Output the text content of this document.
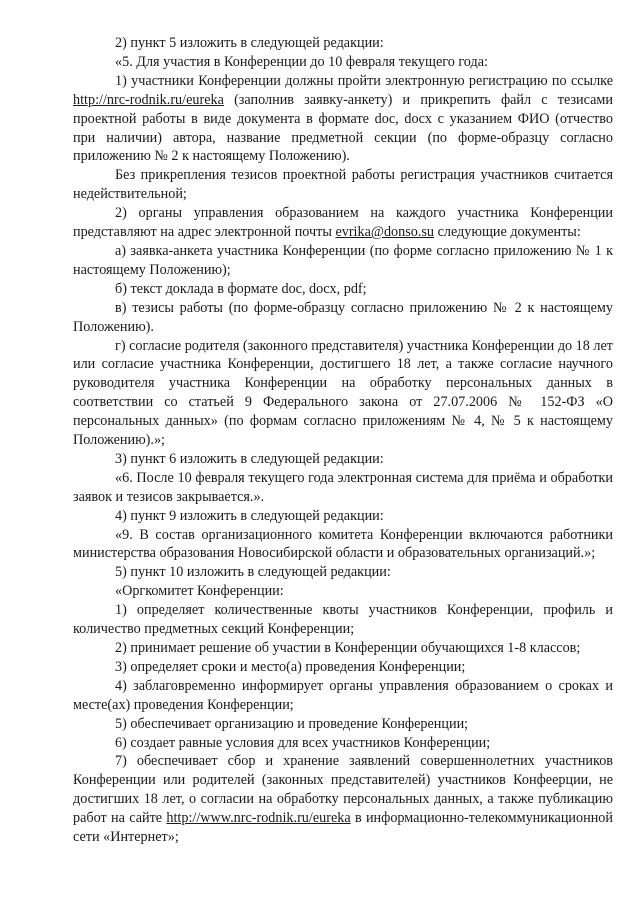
2) пункт 5 изложить в следующей редакции:

«5. Для участия в Конференции до 10 февраля текущего года:

1) участники Конференции должны пройти электронную регистрацию по ссылке http://nrc-rodnik.ru/eureka (заполнив заявку-анкету) и прикрепить файл с тезисами проектной работы в виде документа в формате doc, docx с указанием ФИО (отчество при наличии) автора, название предметной секции (по форме-образцу согласно приложению № 2 к настоящему Положению).

Без прикрепления тезисов проектной работы регистрация участников считается недействительной;

2) органы управления образованием на каждого участника Конференции представляют на адрес электронной почты evrika@donso.su следующие документы:

а) заявка-анкета участника Конференции (по форме согласно приложению № 1 к настоящему Положению);

б) текст доклада в формате doc, docx, pdf;

в) тезисы работы (по форме-образцу согласно приложению № 2 к настоящему Положению).

г) согласие родителя (законного представителя) участника Конференции до 18 лет или согласие участника Конференции, достигшего 18 лет, а также согласие научного руководителя участника Конференции на обработку персональных данных в соответствии со статьей 9 Федерального закона от 27.07.2006 № 152-ФЗ «О персональных данных» (по формам согласно приложениям № 4, № 5 к настоящему Положению).»;

3) пункт 6 изложить в следующей редакции:

«6. После 10 февраля текущего года электронная система для приёма и обработки заявок и тезисов закрывается.».

4) пункт 9 изложить в следующей редакции:

«9. В состав организационного комитета Конференции включаются работники министерства образования Новосибирской области и образовательных организаций.»;

5) пункт 10 изложить в следующей редакции:

«Оргкомитет Конференции:

1) определяет количественные квоты участников Конференции, профиль и количество предметных секций Конференции;

2) принимает решение об участии в Конференции обучающихся 1-8 классов;

3) определяет сроки и место(а) проведения Конференции;

4) заблаговременно информирует органы управления образованием о сроках и месте(ах) проведения Конференции;

5) обеспечивает организацию и проведение Конференции;

6) создает равные условия для всех участников Конференции;

7) обеспечивает сбор и хранение заявлений совершеннолетних участников Конференции или родителей (законных представителей) участников Конфеерции, не достигших 18 лет, о согласии на обработку персональных данных, а также публикацию работ на сайте http://www.nrc-rodnik.ru/eureka в информационно-телекоммуникационной сети «Интернет»;
